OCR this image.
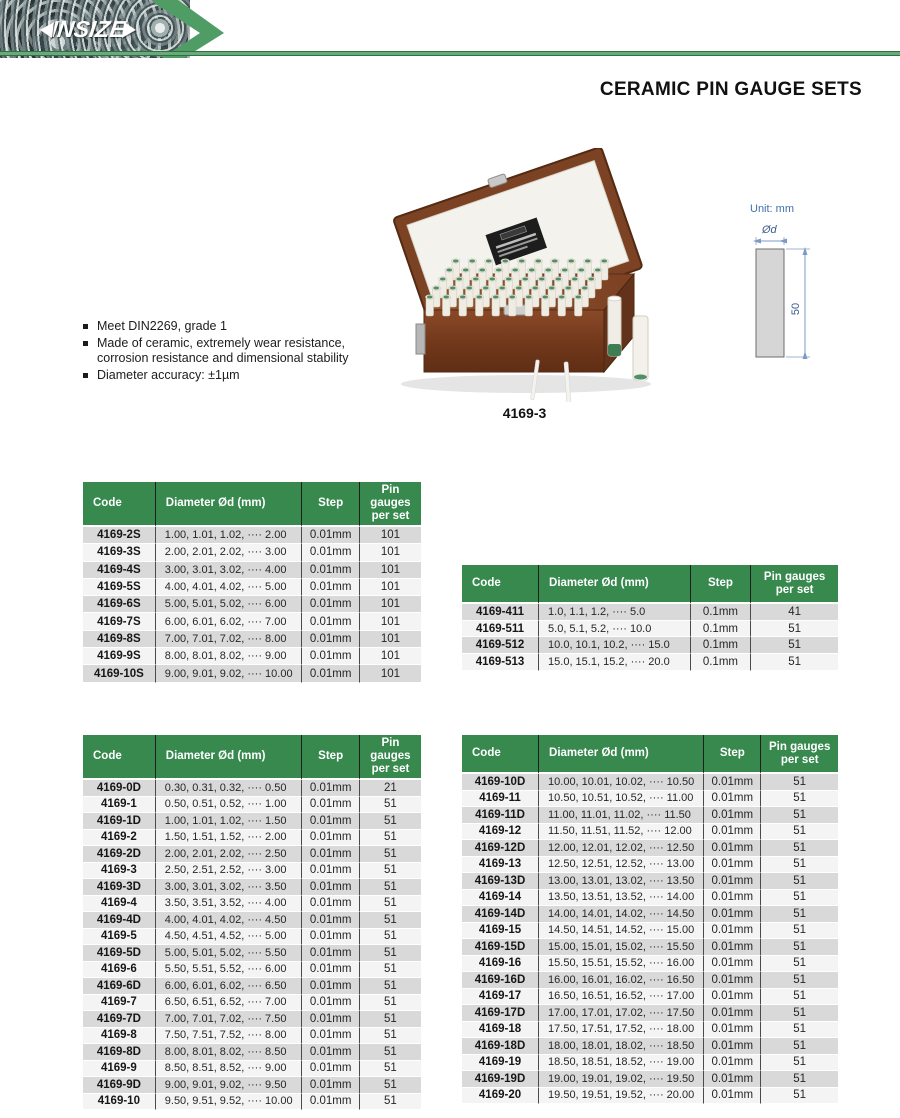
INSIZE
CERAMIC PIN GAUGE SETS
Meet DIN2269, grade 1
Made of ceramic, extremely wear resistance, corrosion resistance and dimensional stability
Diameter accuracy: ±1µm
4169-3
Unit: mm
Ød
50
Code	Diameter Ød (mm)	Step	Pin gauges per set
4169-2S	1.00, 1.01, 1.02, ···· 2.00	0.01mm	101
4169-3S	2.00, 2.01, 2.02, ···· 3.00	0.01mm	101
4169-4S	3.00, 3.01, 3.02, ···· 4.00	0.01mm	101
4169-5S	4.00, 4.01, 4.02, ···· 5.00	0.01mm	101
4169-6S	5.00, 5.01, 5.02, ···· 6.00	0.01mm	101
4169-7S	6.00, 6.01, 6.02, ···· 7.00	0.01mm	101
4169-8S	7.00, 7.01, 7.02, ···· 8.00	0.01mm	101
4169-9S	8.00, 8.01, 8.02, ···· 9.00	0.01mm	101
4169-10S	9.00, 9.01, 9.02, ···· 10.00	0.01mm	101
Code	Diameter Ød (mm)	Step	Pin gauges per set
4169-411	1.0, 1.1, 1.2, ···· 5.0	0.1mm	41
4169-511	5.0, 5.1, 5.2, ···· 10.0	0.1mm	51
4169-512	10.0, 10.1, 10.2, ···· 15.0	0.1mm	51
4169-513	15.0, 15.1, 15.2, ···· 20.0	0.1mm	51
Code	Diameter Ød (mm)	Step	Pin gauges per set
4169-0D	0.30, 0.31, 0.32, ···· 0.50	0.01mm	21
4169-1	0.50, 0.51, 0.52, ···· 1.00	0.01mm	51
4169-1D	1.00, 1.01, 1.02, ···· 1.50	0.01mm	51
4169-2	1.50, 1.51, 1.52, ···· 2.00	0.01mm	51
4169-2D	2.00, 2.01, 2.02, ···· 2.50	0.01mm	51
4169-3	2.50, 2.51, 2.52, ···· 3.00	0.01mm	51
4169-3D	3.00, 3.01, 3.02, ···· 3.50	0.01mm	51
4169-4	3.50, 3.51, 3.52, ···· 4.00	0.01mm	51
4169-4D	4.00, 4.01, 4.02, ···· 4.50	0.01mm	51
4169-5	4.50, 4.51, 4.52, ···· 5.00	0.01mm	51
4169-5D	5.00, 5.01, 5.02, ···· 5.50	0.01mm	51
4169-6	5.50, 5.51, 5.52, ···· 6.00	0.01mm	51
4169-6D	6.00, 6.01, 6.02, ···· 6.50	0.01mm	51
4169-7	6.50, 6.51, 6.52, ···· 7.00	0.01mm	51
4169-7D	7.00, 7.01, 7.02, ···· 7.50	0.01mm	51
4169-8	7.50, 7.51, 7.52, ···· 8.00	0.01mm	51
4169-8D	8.00, 8.01, 8.02, ···· 8.50	0.01mm	51
4169-9	8.50, 8.51, 8.52, ···· 9.00	0.01mm	51
4169-9D	9.00, 9.01, 9.02, ···· 9.50	0.01mm	51
4169-10	9.50, 9.51, 9.52, ···· 10.00	0.01mm	51
Code	Diameter Ød (mm)	Step	Pin gauges per set
4169-10D	10.00, 10.01, 10.02, ···· 10.50	0.01mm	51
4169-11	10.50, 10.51, 10.52, ···· 11.00	0.01mm	51
4169-11D	11.00, 11.01, 11.02, ···· 11.50	0.01mm	51
4169-12	11.50, 11.51, 11.52, ···· 12.00	0.01mm	51
4169-12D	12.00, 12.01, 12.02, ···· 12.50	0.01mm	51
4169-13	12.50, 12.51, 12.52, ···· 13.00	0.01mm	51
4169-13D	13.00, 13.01, 13.02, ···· 13.50	0.01mm	51
4169-14	13.50, 13.51, 13.52, ···· 14.00	0.01mm	51
4169-14D	14.00, 14.01, 14.02, ···· 14.50	0.01mm	51
4169-15	14.50, 14.51, 14.52, ···· 15.00	0.01mm	51
4169-15D	15.00, 15.01, 15.02, ···· 15.50	0.01mm	51
4169-16	15.50, 15.51, 15.52, ···· 16.00	0.01mm	51
4169-16D	16.00, 16.01, 16.02, ···· 16.50	0.01mm	51
4169-17	16.50, 16.51, 16.52, ···· 17.00	0.01mm	51
4169-17D	17.00, 17.01, 17.02, ···· 17.50	0.01mm	51
4169-18	17.50, 17.51, 17.52, ···· 18.00	0.01mm	51
4169-18D	18.00, 18.01, 18.02, ···· 18.50	0.01mm	51
4169-19	18.50, 18.51, 18.52, ···· 19.00	0.01mm	51
4169-19D	19.00, 19.01, 19.02, ···· 19.50	0.01mm	51
4169-20	19.50, 19.51, 19.52, ···· 20.00	0.01mm	51
